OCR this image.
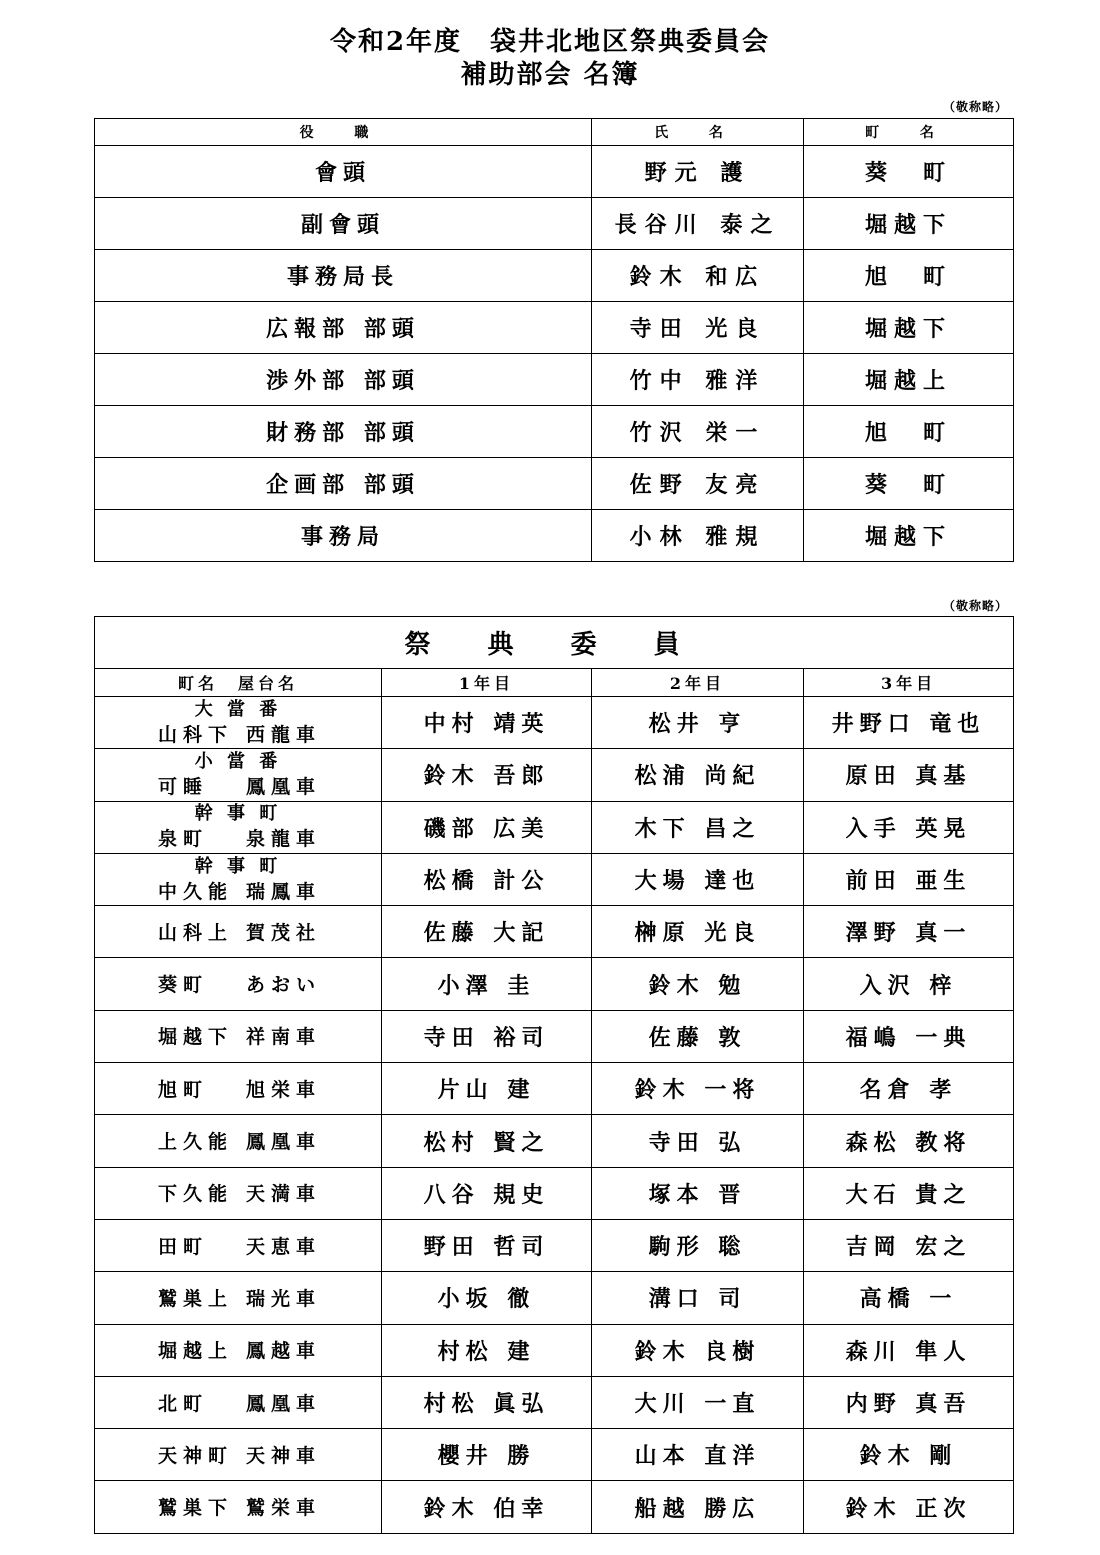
令和2年度　袋井北地区祭典委員会
補助部会 名簿
（敬称略）
役 職	氏 名	町 名
會頭	野元 護	葵　町
副會頭	長谷川 泰之	堀越下
事務局長	鈴木 和広	旭　町
広報部 部頭	寺田 光良	堀越下
渉外部 部頭	竹中 雅洋	堀越上
財務部 部頭	竹沢 栄一	旭　町
企画部 部頭	佐野 友亮	葵　町
事務局	小林 雅規	堀越下
（敬称略）
祭 典 委 員			
町名　屋台名	1年目	2年目	3年目

大 當 番
山科下 西龍車	中村 靖英	松井 亨	井野口 竜也

小 當 番
可睡 鳳凰車	鈴木 吾郎	松浦 尚紀	原田 真基

幹 事 町
泉町 泉龍車	磯部 広美	木下 昌之	入手 英晃

幹 事 町
中久能 瑞鳳車	松橋 計公	大場 達也	前田 亜生
山科上 賀茂社	佐藤 大記	榊原 光良	澤野 真一
葵町 あおい	小澤 圭	鈴木 勉	入沢 梓
堀越下 祥南車	寺田 裕司	佐藤 敦	福嶋 一典
旭町 旭栄車	片山 建	鈴木 一将	名倉 孝
上久能 鳳凰車	松村 賢之	寺田 弘	森松 教将
下久能 天満車	八谷 規史	塚本 晋	大石 貴之
田町 天恵車	野田 哲司	駒形 聡	吉岡 宏之
鷲巣上 瑞光車	小坂 徹	溝口 司	高橋 一
堀越上 鳳越車	村松 建	鈴木 良樹	森川 隼人
北町 鳳凰車	村松 眞弘	大川 一直	内野 真吾
天神町 天神車	櫻井 勝	山本 直洋	鈴木 剛
鷲巣下 鷲栄車	鈴木 伯幸	船越 勝広	鈴木 正次
